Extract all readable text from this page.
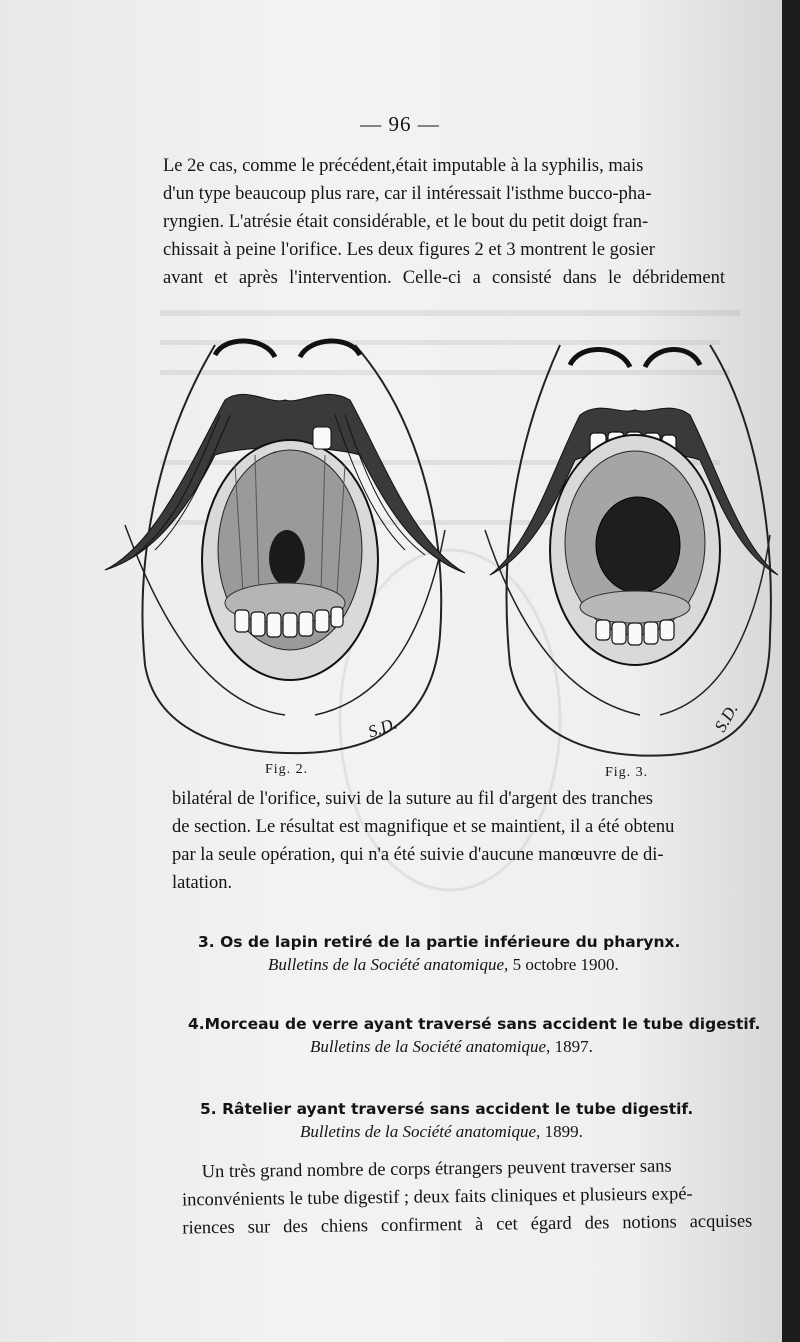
— 96 —

Le 2e cas, comme le précédent,était imputable à la syphilis, mais
d'un type beaucoup plus rare, car il intéressait l'isthme bucco-pha-
ryngien. L'atrésie était considérable, et le bout du petit doigt fran-
chissait à peine l'orifice. Les deux figures 2 et 3 montrent le gosier
avant et après l'intervention. Celle-ci a consisté dans le débridement

S.D.	S.D.
Fig. 2.	Fig. 3.

bilatéral de l'orifice, suivi de la suture au fil d'argent des tranches
de section. Le résultat est magnifique et se maintient, il a été obtenu
par la seule opération, qui n'a été suivie d'aucune manœuvre de di-
latation.

3. Os de lapin retiré de la partie inférieure du pharynx.
Bulletins de la Société anatomique, 5 octobre 1900.
4.Morceau de verre ayant traversé sans accident le tube digestif.
Bulletins de la Société anatomique, 1897.
5. Râtelier ayant traversé sans accident le tube digestif.
Bulletins de la Société anatomique, 1899.

Un très grand nombre de corps étrangers peuvent traverser sans
inconvénients le tube digestif ; deux faits cliniques et plusieurs expé-
riences sur des chiens confirment à cet égard des notions acquises
